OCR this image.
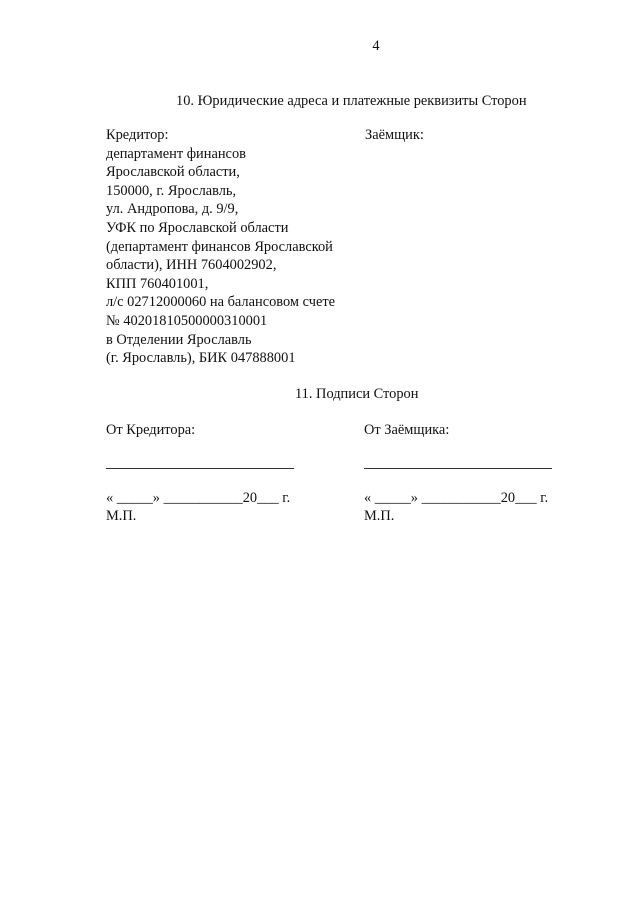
4
10. Юридические адреса и платежные реквизиты Сторон
Кредитор:
департамент финансов
Ярославской области,
150000, г. Ярославль,
ул. Андропова, д. 9/9,
УФК по Ярославской области
(департамент финансов Ярославской
области), ИНН 7604002902,
КПП 760401001,
л/с 02712000060 на балансовом счете
№ 40201810500000310001
в Отделении Ярославль
(г. Ярославль), БИК 047888001
Заёмщик:
11. Подписи Сторон
От Кредитора:
« _____» ___________20___ г.
М.П.
От Заёмщика:
« _____» ___________20___ г.
М.П.
